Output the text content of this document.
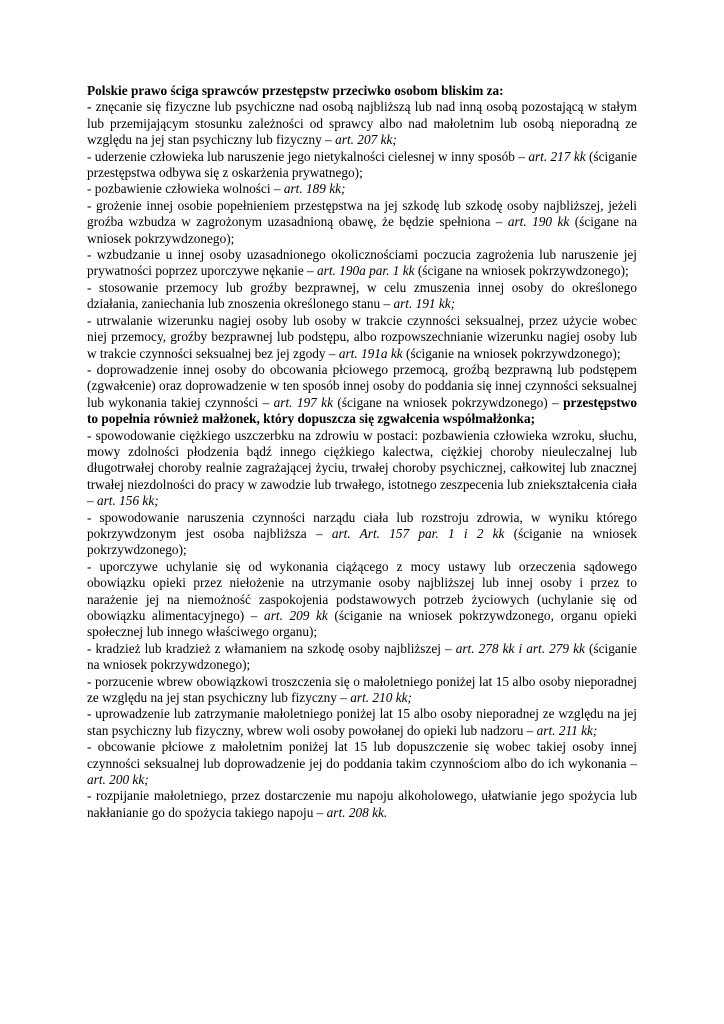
Polskie prawo ściga sprawców przestępstw przeciwko osobom bliskim za:
- znęcanie się fizyczne lub psychiczne nad osobą najbliższą lub nad inną osobą pozostającą w stałym lub przemijającym stosunku zależności od sprawcy albo nad małoletnim lub osobą nieporadną ze względu na jej stan psychiczny lub fizyczny – art. 207 kk;
- uderzenie człowieka lub naruszenie jego nietykalności cielesnej w inny sposób – art. 217 kk (ściganie przestępstwa odbywa się z oskarżenia prywatnego);
- pozbawienie człowieka wolności – art. 189 kk;
- grożenie innej osobie popełnieniem przestępstwa na jej szkodę lub szkodę osoby najbliższej, jeżeli groźba wzbudza w zagrożonym uzasadnioną obawę, że będzie spełniona – art. 190 kk (ścigane na wniosek pokrzywdzonego);
- wzbudzanie u innej osoby uzasadnionego okolicznościami poczucia zagrożenia lub naruszenie jej prywatności poprzez uporczywe nękanie – art. 190a par. 1 kk (ścigane na wniosek pokrzywdzonego);
- stosowanie przemocy lub groźby bezprawnej, w celu zmuszenia innej osoby do określonego działania, zaniechania lub znoszenia określonego stanu – art. 191 kk;
- utrwalanie wizerunku nagiej osoby lub osoby w trakcie czynności seksualnej, przez użycie wobec niej przemocy, groźby bezprawnej lub podstępu, albo rozpowszechnianie wizerunku nagiej osoby lub w trakcie czynności seksualnej bez jej zgody – art. 191a kk (ściganie na wniosek pokrzywdzonego);
- doprowadzenie innej osoby do obcowania płciowego przemocą, groźbą bezprawną lub podstępem (zgwałcenie) oraz doprowadzenie w ten sposób innej osoby do poddania się innej czynności seksualnej lub wykonania takiej czynności – art. 197 kk (ścigane na wniosek pokrzywdzonego) – przestępstwo to popełnia również małżonek, który dopuszcza się zgwałcenia współmałżonka;
- spowodowanie ciężkiego uszczerbku na zdrowiu w postaci: pozbawienia człowieka wzroku, słuchu, mowy zdolności płodzenia bądź innego ciężkiego kalectwa, ciężkiej choroby nieuleczalnej lub długotrwałej choroby realnie zagrażającej życiu, trwałej choroby psychicznej, całkowitej lub znacznej trwałej niezdolności do pracy w zawodzie lub trwałego, istotnego zeszpecenia lub zniekształcenia ciała – art. 156 kk;
- spowodowanie naruszenia czynności narządu ciała lub rozstroju zdrowia, w wyniku którego pokrzywdzonym jest osoba najbliższa – art. Art. 157 par. 1 i 2 kk (ściganie na wniosek pokrzywdzonego);
- uporczywe uchylanie się od wykonania ciążącego z mocy ustawy lub orzeczenia sądowego obowiązku opieki przez niełożenie na utrzymanie osoby najbliższej lub innej osoby i przez to narażenie jej na niemożność zaspokojenia podstawowych potrzeb życiowych (uchylanie się od obowiązku alimentacyjnego) – art. 209 kk (ściganie na wniosek pokrzywdzonego, organu opieki społecznej lub innego właściwego organu);
- kradzież lub kradzież z włamaniem na szkodę osoby najbliższej – art. 278 kk i art. 279 kk (ściganie na wniosek pokrzywdzonego);
- porzucenie wbrew obowiązkowi troszczenia się o małoletniego poniżej lat 15 albo osoby nieporadnej ze względu na jej stan psychiczny lub fizyczny – art. 210 kk;
- uprowadzenie lub zatrzymanie małoletniego poniżej lat 15 albo osoby nieporadnej ze względu na jej stan psychiczny lub fizyczny, wbrew woli osoby powołanej do opieki lub nadzoru – art. 211 kk;
- obcowanie płciowe z małoletnim poniżej lat 15 lub dopuszczenie się wobec takiej osoby innej czynności seksualnej lub doprowadzenie jej do poddania takim czynnościom albo do ich wykonania – art. 200 kk;
- rozpijanie małoletniego, przez dostarczenie mu napoju alkoholowego, ułatwianie jego spożycia lub nakłanianie go do spożycia takiego napoju – art. 208 kk.
